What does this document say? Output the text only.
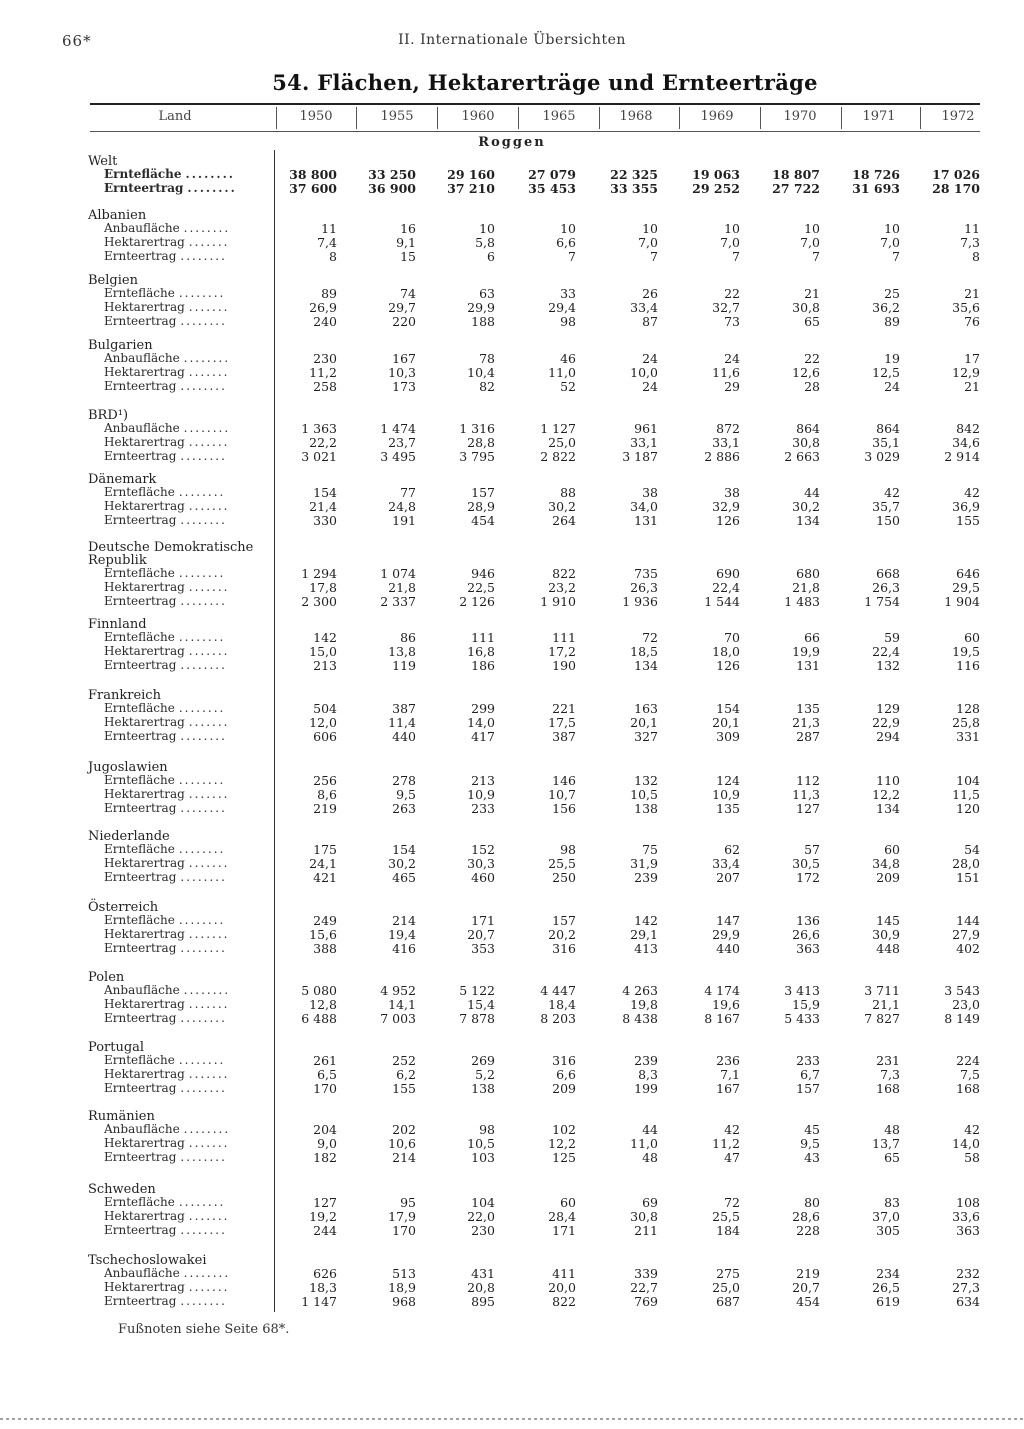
66*	II. Internationale Übersichten
54. Flächen, Hektarerträge und Ernteerträge
Land	1950	1955	1960	1965	1968	1969	1970	1971	1972
Roggen
Welt
Erntefläche ........	38 800	33 250	29 160	27 079	22 325	19 063	18 807	18 726	17 026
Ernteertrag ........	37 600	36 900	37 210	35 453	33 355	29 252	27 722	31 693	28 170
Albanien
Anbaufläche ........	11	16	10	10	10	10	10	10	11
Hektarertrag .......	7,4	9,1	5,8	6,6	7,0	7,0	7,0	7,0	7,3
Ernteertrag ........	8	15	6	7	7	7	7	7	8
Belgien
Erntefläche ........	89	74	63	33	26	22	21	25	21
Hektarertrag .......	26,9	29,7	29,9	29,4	33,4	32,7	30,8	36,2	35,6
Ernteertrag ........	240	220	188	98	87	73	65	89	76
Bulgarien
Anbaufläche ........	230	167	78	46	24	24	22	19	17
Hektarertrag .......	11,2	10,3	10,4	11,0	10,0	11,6	12,6	12,5	12,9
Ernteertrag ........	258	173	82	52	24	29	28	24	21
BRD¹)
Anbaufläche ........	1 363	1 474	1 316	1 127	961	872	864	864	842
Hektarertrag .......	22,2	23,7	28,8	25,0	33,1	33,1	30,8	35,1	34,6
Ernteertrag ........	3 021	3 495	3 795	2 822	3 187	2 886	2 663	3 029	2 914
Dänemark
Erntefläche ........	154	77	157	88	38	38	44	42	42
Hektarertrag .......	21,4	24,8	28,9	30,2	34,0	32,9	30,2	35,7	36,9
Ernteertrag ........	330	191	454	264	131	126	134	150	155
Deutsche Demokratische
Republik
Erntefläche ........	1 294	1 074	946	822	735	690	680	668	646
Hektarertrag .......	17,8	21,8	22,5	23,2	26,3	22,4	21,8	26,3	29,5
Ernteertrag ........	2 300	2 337	2 126	1 910	1 936	1 544	1 483	1 754	1 904
Finnland
Erntefläche ........	142	86	111	111	72	70	66	59	60
Hektarertrag .......	15,0	13,8	16,8	17,2	18,5	18,0	19,9	22,4	19,5
Ernteertrag ........	213	119	186	190	134	126	131	132	116
Frankreich
Erntefläche ........	504	387	299	221	163	154	135	129	128
Hektarertrag .......	12,0	11,4	14,0	17,5	20,1	20,1	21,3	22,9	25,8
Ernteertrag ........	606	440	417	387	327	309	287	294	331
Jugoslawien
Erntefläche ........	256	278	213	146	132	124	112	110	104
Hektarertrag .......	8,6	9,5	10,9	10,7	10,5	10,9	11,3	12,2	11,5
Ernteertrag ........	219	263	233	156	138	135	127	134	120
Niederlande
Erntefläche ........	175	154	152	98	75	62	57	60	54
Hektarertrag .......	24,1	30,2	30,3	25,5	31,9	33,4	30,5	34,8	28,0
Ernteertrag ........	421	465	460	250	239	207	172	209	151
Österreich
Erntefläche ........	249	214	171	157	142	147	136	145	144
Hektarertrag .......	15,6	19,4	20,7	20,2	29,1	29,9	26,6	30,9	27,9
Ernteertrag ........	388	416	353	316	413	440	363	448	402
Polen
Anbaufläche ........	5 080	4 952	5 122	4 447	4 263	4 174	3 413	3 711	3 543
Hektarertrag .......	12,8	14,1	15,4	18,4	19,8	19,6	15,9	21,1	23,0
Ernteertrag ........	6 488	7 003	7 878	8 203	8 438	8 167	5 433	7 827	8 149
Portugal
Erntefläche ........	261	252	269	316	239	236	233	231	224
Hektarertrag .......	6,5	6,2	5,2	6,6	8,3	7,1	6,7	7,3	7,5
Ernteertrag ........	170	155	138	209	199	167	157	168	168
Rumänien
Anbaufläche ........	204	202	98	102	44	42	45	48	42
Hektarertrag .......	9,0	10,6	10,5	12,2	11,0	11,2	9,5	13,7	14,0
Ernteertrag ........	182	214	103	125	48	47	43	65	58
Schweden
Erntefläche ........	127	95	104	60	69	72	80	83	108
Hektarertrag .......	19,2	17,9	22,0	28,4	30,8	25,5	28,6	37,0	33,6
Ernteertrag ........	244	170	230	171	211	184	228	305	363
Tschechoslowakei
Anbaufläche ........	626	513	431	411	339	275	219	234	232
Hektarertrag .......	18,3	18,9	20,8	20,0	22,7	25,0	20,7	26,5	27,3
Ernteertrag ........	1 147	968	895	822	769	687	454	619	634
Fußnoten siehe Seite 68*.
